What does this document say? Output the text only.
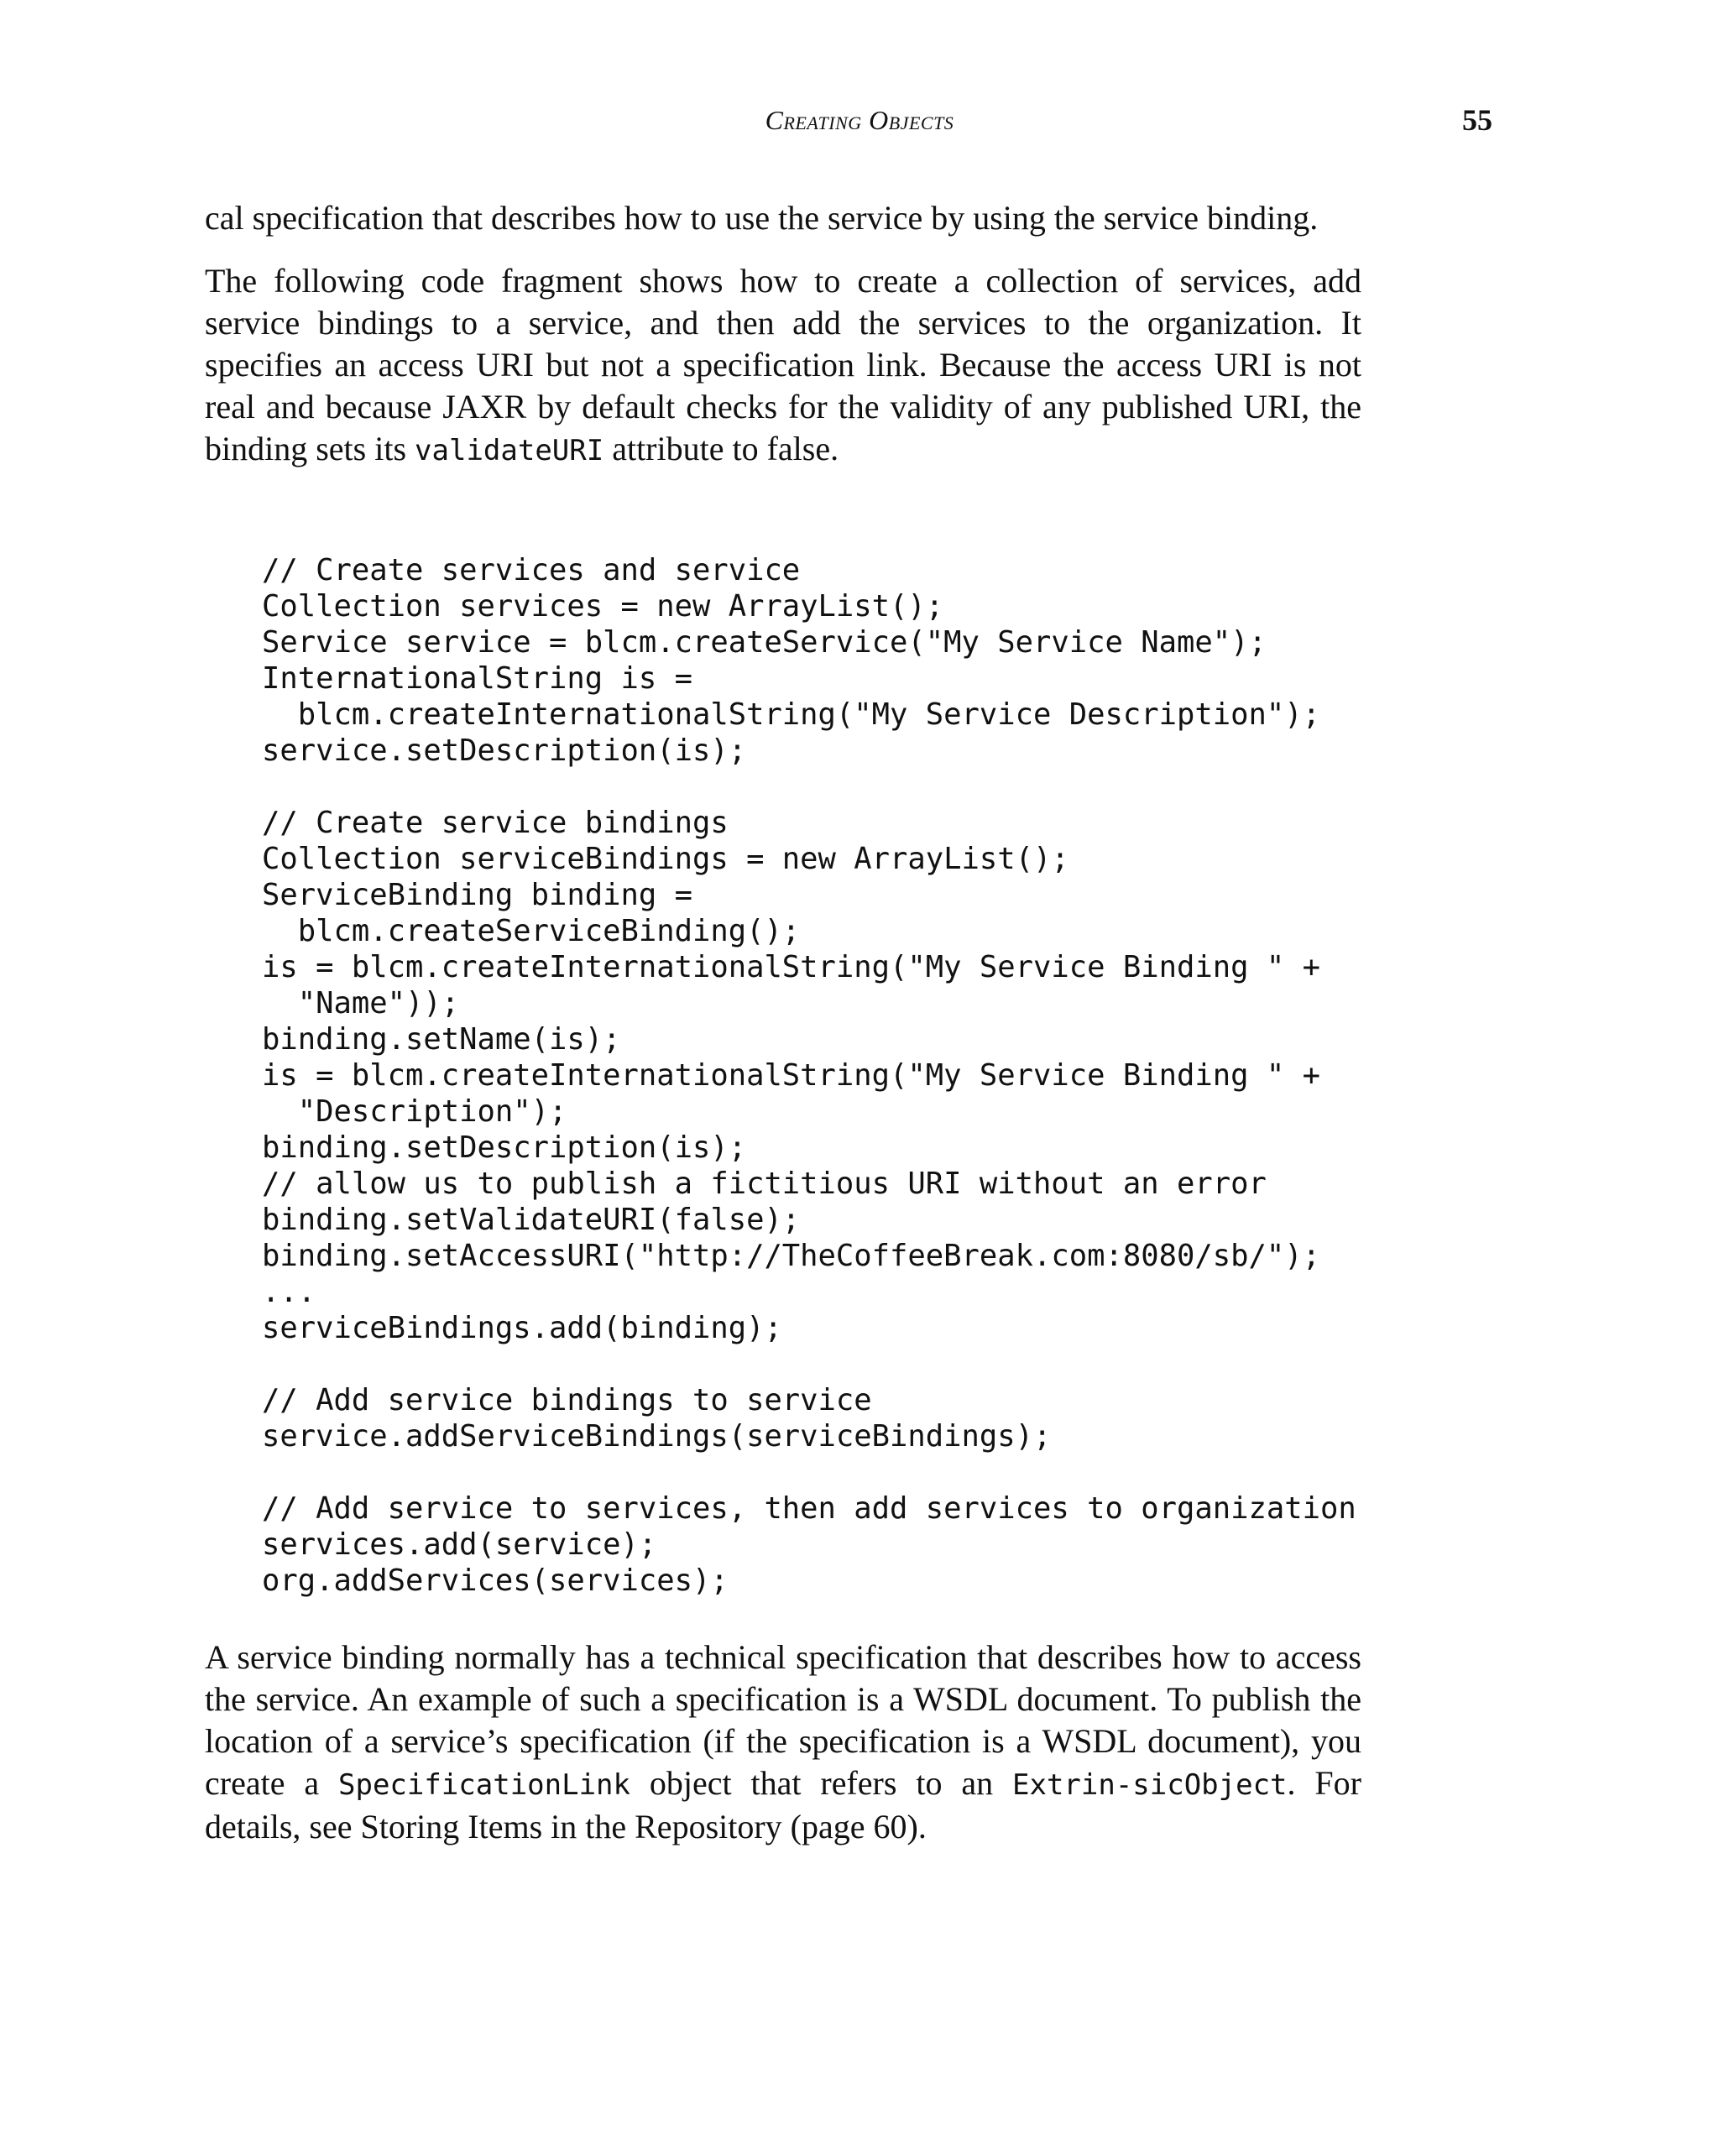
Creating Objects	55

cal specification that describes how to use the service by using the service binding.

The following code fragment shows how to create a collection of services, add service bindings to a service, and then add the services to the organization. It specifies an access URI but not a specification link. Because the access URI is not real and because JAXR by default checks for the validity of any published URI, the binding sets its validateURI attribute to false.

// Create services and service
Collection services = new ArrayList();
Service service = blcm.createService("My Service Name");
InternationalString is =
blcm.createInternationalString("My Service Description");
service.setDescription(is);
// Create service bindings
Collection serviceBindings = new ArrayList();
ServiceBinding binding =
blcm.createServiceBinding();
is = blcm.createInternationalString("My Service Binding " +
"Name"));
binding.setName(is);
is = blcm.createInternationalString("My Service Binding " +
"Description");
binding.setDescription(is);
// allow us to publish a fictitious URI without an error
binding.setValidateURI(false);
binding.setAccessURI("http://TheCoffeeBreak.com:8080/sb/");
...
serviceBindings.add(binding);
// Add service bindings to service
service.addServiceBindings(serviceBindings);
// Add service to services, then add services to organization
services.add(service);
org.addServices(services);

A service binding normally has a technical specification that describes how to access the service. An example of such a specification is a WSDL document. To publish the location of a service’s specification (if the specification is a WSDL document), you create a SpecificationLink object that refers to an Extrin-sicObject. For details, see Storing Items in the Repository (page 60).
